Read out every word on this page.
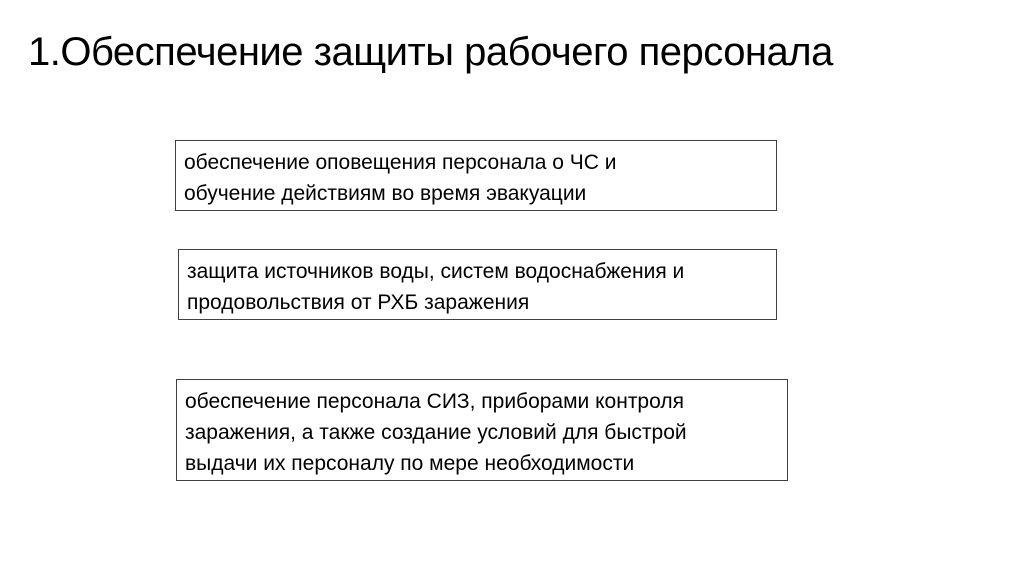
1.Обеспечение защиты рабочего персонала
обеспечение оповещения персонала о ЧС и
обучение действиям во время эвакуации
защита источников воды, систем водоснабжения и
продовольствия от РХБ заражения
обеспечение персонала СИЗ, приборами контроля
заражения, а также создание условий для быстрой
выдачи их персоналу по мере необходимости
